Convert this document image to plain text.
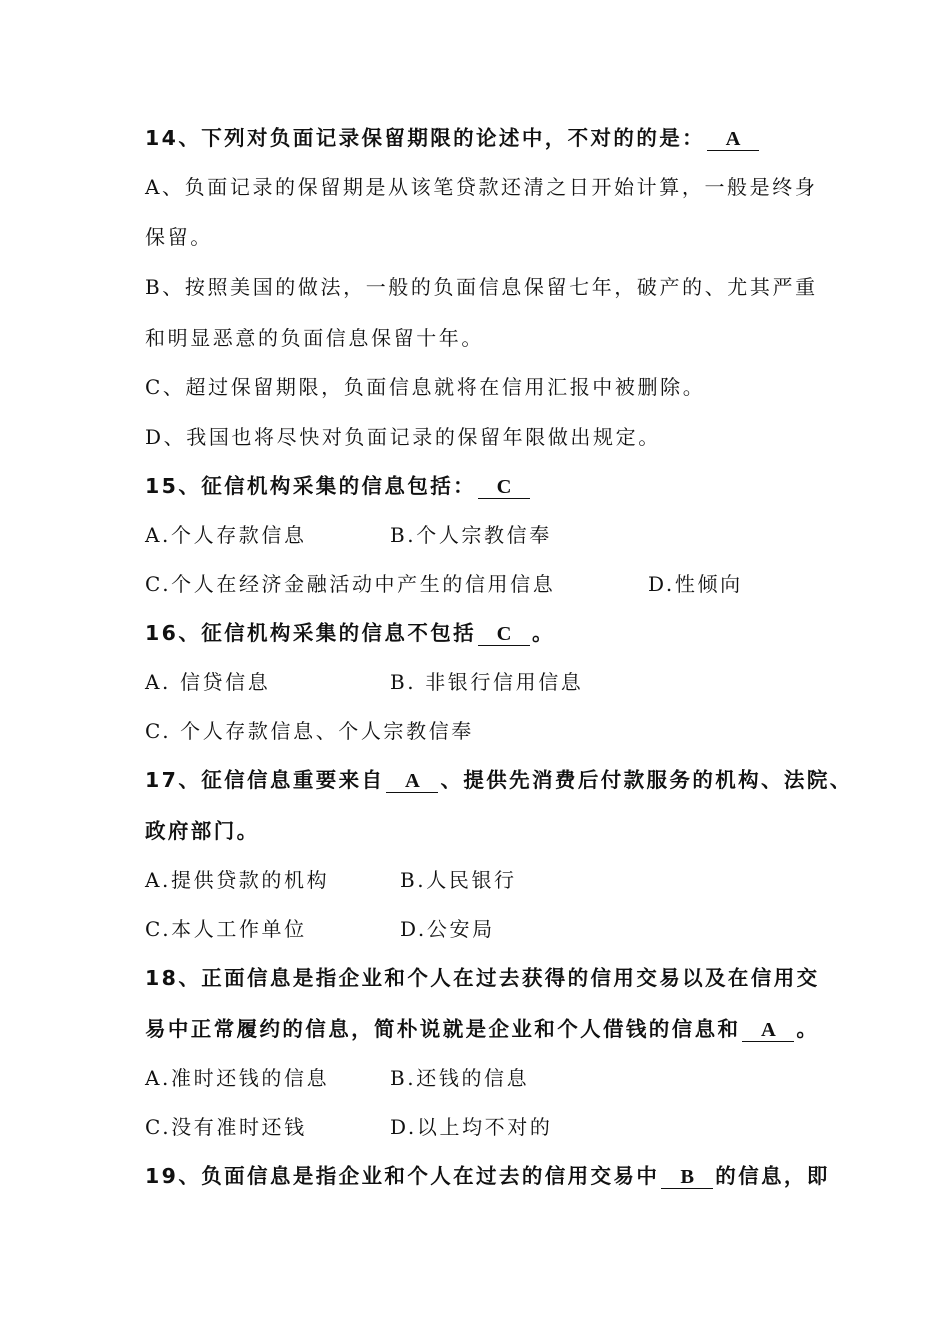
14、下列对负面记录保留期限的论述中，不对的的是： A
A、负面记录的保留期是从该笔贷款还清之日开始计算，一般是终身
保留。
B、按照美国的做法，一般的负面信息保留七年，破产的、尤其严重
和明显恶意的负面信息保留十年。
C、超过保留期限，负面信息就将在信用汇报中被删除。
D、我国也将尽快对负面记录的保留年限做出规定。
15、征信机构采集的信息包括： C
A.个人存款信息	B.个人宗教信奉
C.个人在经济金融活动中产生的信用信息	D.性倾向
16、征信机构采集的信息不包括 C 。
A. 信贷信息	B. 非银行信用信息
C. 个人存款信息、个人宗教信奉
17、征信信息重要来自 A 、提供先消费后付款服务的机构、法院、
政府部门。
A.提供贷款的机构	B.人民银行
C.本人工作单位	D.公安局
18、正面信息是指企业和个人在过去获得的信用交易以及在信用交
易中正常履约的信息，简朴说就是企业和个人借钱的信息和 A 。
A.准时还钱的信息	B.还钱的信息
C.没有准时还钱	D.以上均不对的
19、负面信息是指企业和个人在过去的信用交易中 B 的信息，即
